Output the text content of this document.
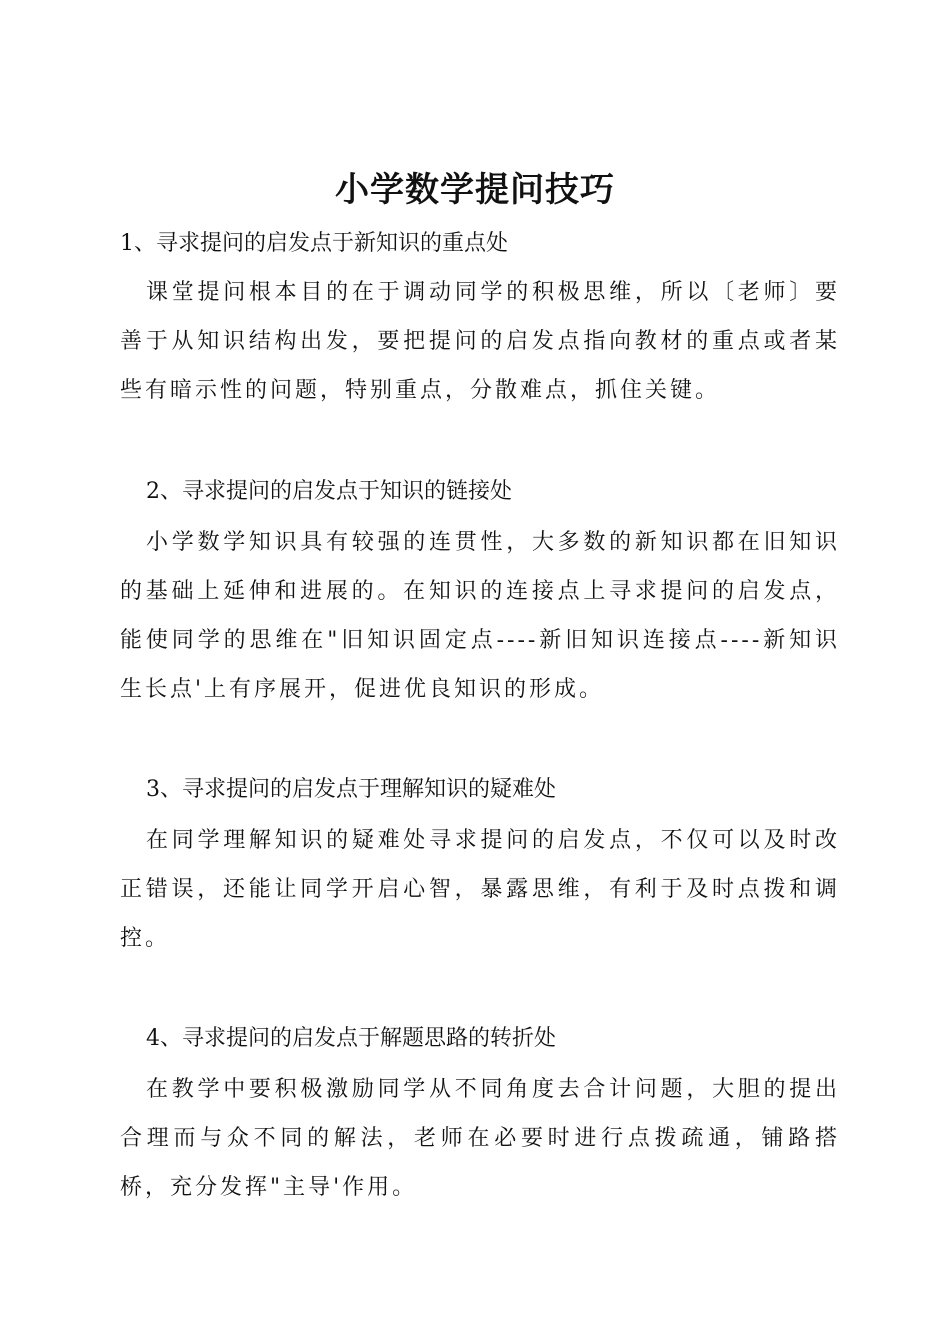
小学数学提问技巧

1、寻求提问的启发点于新知识的重点处

课堂提问根本目的在于调动同学的积极思维，所以〔老师〕要善于从知识结构出发，要把提问的启发点指向教材的重点或者某些有暗示性的问题，特别重点，分散难点，抓住关键。

2、寻求提问的启发点于知识的链接处

小学数学知识具有较强的连贯性，大多数的新知识都在旧知识的基础上延伸和进展的。在知识的连接点上寻求提问的启发点，能使同学的思维在"旧知识固定点----新旧知识连接点----新知识生长点'上有序展开，促进优良知识的形成。

3、寻求提问的启发点于理解知识的疑难处

在同学理解知识的疑难处寻求提问的启发点，不仅可以及时改正错误，还能让同学开启心智，暴露思维，有利于及时点拨和调控。

4、寻求提问的启发点于解题思路的转折处

在教学中要积极激励同学从不同角度去合计问题，大胆的提出合理而与众不同的解法，老师在必要时进行点拨疏通，铺路搭桥，充分发挥"主导'作用。
